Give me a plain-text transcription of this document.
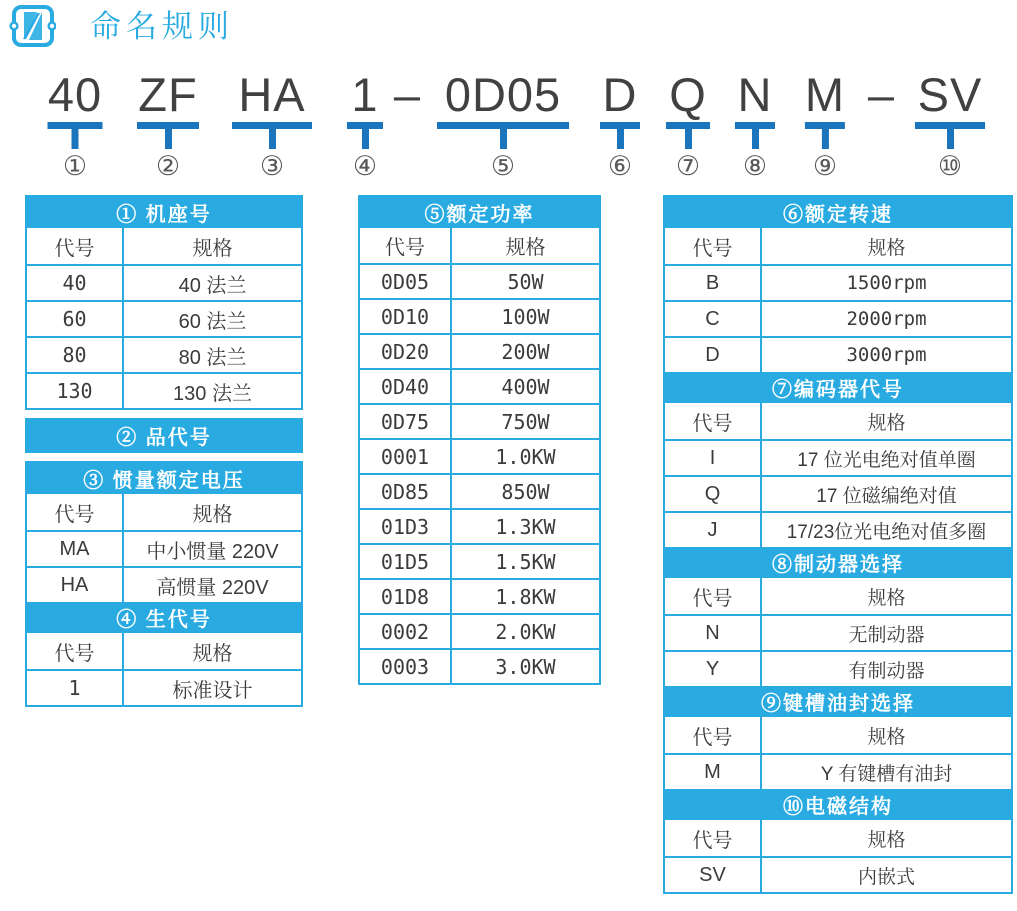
命名规则
40
①
ZF
②
HA
③
1
④
– 0D05
⑤
D
⑥
Q
⑦
N
⑧
M
⑨
– SV
⑩
① 机座号
代号	规格
40	40 法兰
60	60 法兰
80	80 法兰
130	130 法兰
② 品代号
③ 惯量额定电压
代号	规格
MA	中小惯量 220V
HA	高惯量 220V
④ 生代号
代号	规格
1	标准设计
⑤额定功率
代号	规格
0D05	50W
0D10	100W
0D20	200W
0D40	400W
0D75	750W
0001	1.0KW
0D85	850W
01D3	1.3KW
01D5	1.5KW
01D8	1.8KW
0002	2.0KW
0003	3.0KW
⑥额定转速
代号	规格
B	1500rpm
C	2000rpm
D	3000rpm
⑦编码器代号
代号	规格
I	17 位光电绝对值单圈
Q	17 位磁编绝对值
J	17/23位光电绝对值多圈
⑧制动器选择
代号	规格
N	无制动器
Y	有制动器
⑨键槽油封选择
代号	规格
M	Y 有键槽有油封
⑩电磁结构
代号	规格
SV	内嵌式
